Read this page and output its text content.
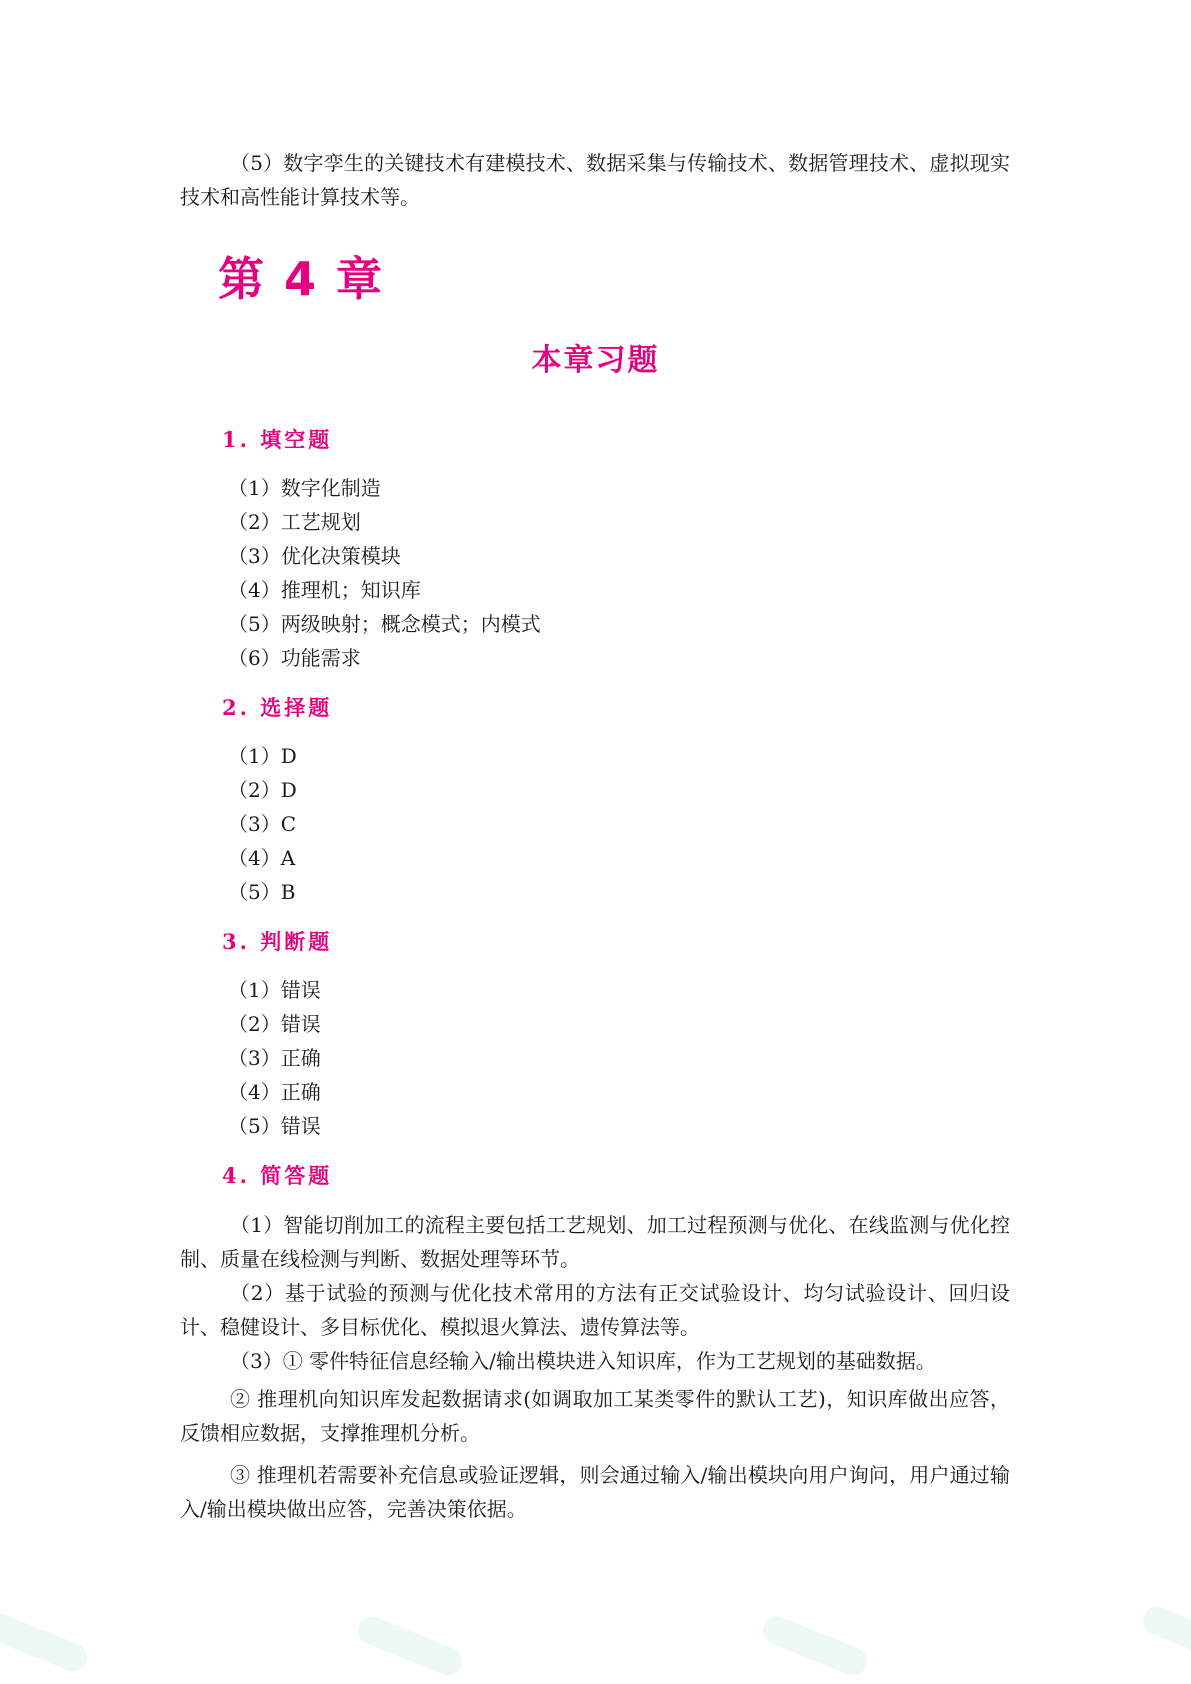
（5）数字孪生的关键技术有建模技术、数据采集与传输技术、数据管理技术、虚拟现实技术和高性能计算技术等。

第 4 章
本章习题
1. 填空题

（1）数字化制造

（2）工艺规划

（3）优化决策模块

（4）推理机；知识库

（5）两级映射；概念模式；内模式

（6）功能需求

2. 选择题

（1）D

（2）D

（3）C

（4）A

（5）B

3. 判断题

（1）错误

（2）错误

（3）正确

（4）正确

（5）错误

4. 简答题

（1）智能切削加工的流程主要包括工艺规划、加工过程预测与优化、在线监测与优化控制、质量在线检测与判断、数据处理等环节。

（2）基于试验的预测与优化技术常用的方法有正交试验设计、均匀试验设计、回归设计、稳健设计、多目标优化、模拟退火算法、遗传算法等。

（3）① 零件特征信息经输入/输出模块进入知识库，作为工艺规划的基础数据。

② 推理机向知识库发起数据请求(如调取加工某类零件的默认工艺)，知识库做出应答，反馈相应数据，支撑推理机分析。

③ 推理机若需要补充信息或验证逻辑，则会通过输入/输出模块向用户询问，用户通过输入/输出模块做出应答，完善决策依据。
